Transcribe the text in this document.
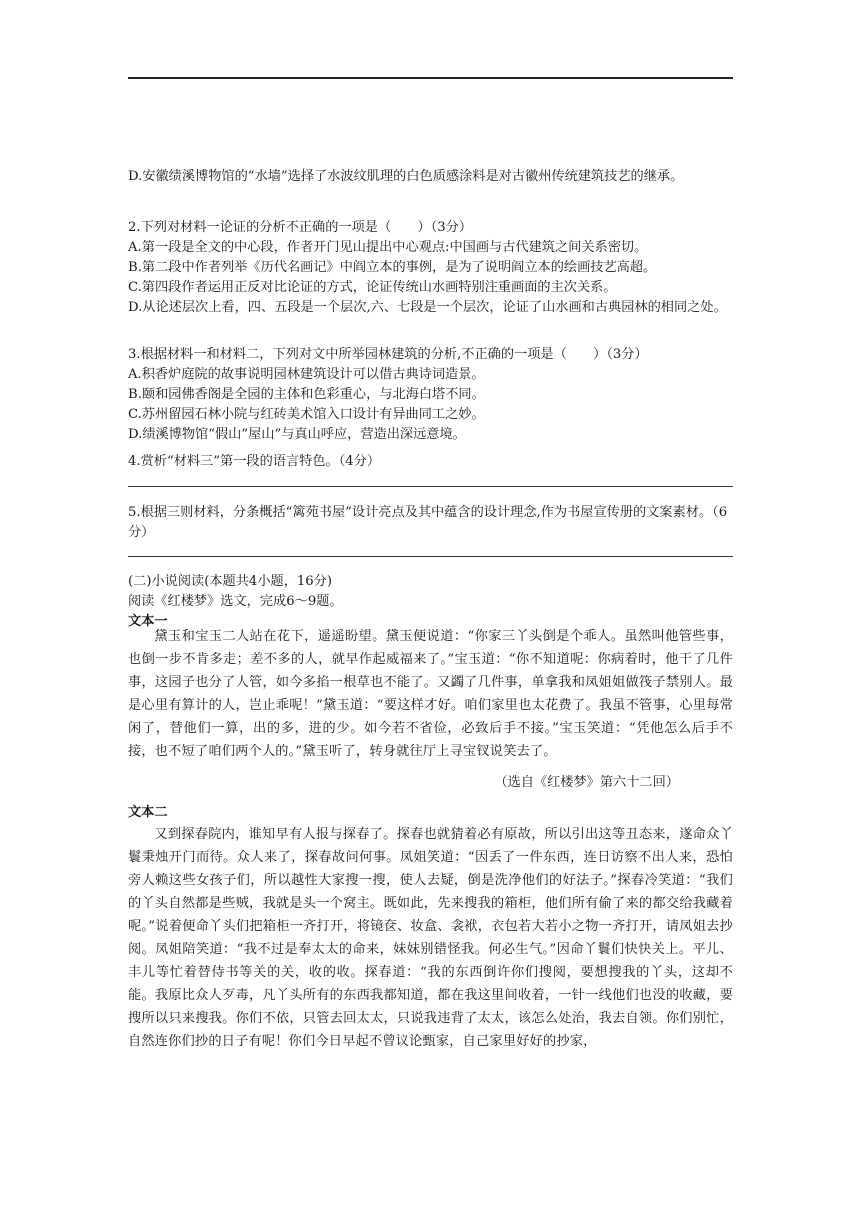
D.安徽绩溪博物馆的“水墙”选择了水波纹肌理的白色质感涂料是对古徽州传统建筑技艺的继承。

2.下列对材料一论证的分析不正确的一项是（　　）（3分）

A.第一段是全文的中心段，作者开门见山提出中心观点:中国画与古代建筑之间关系密切。

B.第二段中作者列举《历代名画记》中阎立本的事例，是为了说明阎立本的绘画技艺高超。

C.第四段作者运用正反对比论证的方式，论证传统山水画特别注重画面的主次关系。

D.从论述层次上看，四、五段是一个层次,六、七段是一个层次，论证了山水画和古典园林的相同之处。

3.根据材料一和材料二，下列对文中所举园林建筑的分析,不正确的一项是（　　）（3分）

A.积香炉庭院的故事说明园林建筑设计可以借古典诗词造景。

B.颐和园佛香阁是全园的主体和色彩重心，与北海白塔不同。

C.苏州留园石林小院与红砖美术馆入口设计有异曲同工之妙。

D.绩溪博物馆“假山”屋山”与真山呼应，营造出深远意境。

4.赏析“材料三”第一段的语言特色。（4分）

5.根据三则材料，分条概括“篱苑书屋”设计亮点及其中蕴含的设计理念,作为书屋宣传册的文案素材。（6分）

(二)小说阅读(本题共4小题，16分)

阅读《红楼梦》选文，完成6～9题。

文本一

黛玉和宝玉二人站在花下，遥遥盼望。黛玉便说道：“你家三丫头倒是个乖人。虽然叫他管些事，也倒一步不肯多走；差不多的人，就早作起威福来了。”宝玉道：“你不知道呢：你病着时，他干了几件事，这园子也分了人管，如今多掐一根草也不能了。又蠲了几件事，单拿我和凤姐姐做筏子禁别人。最是心里有算计的人，岂止乖呢！”黛玉道：“要这样才好。咱们家里也太花费了。我虽不管事，心里每常闲了，替他们一算，出的多，进的少。如今若不省俭，必致后手不接。”宝玉笑道：“凭他怎么后手不接，也不短了咱们两个人的。”黛玉听了，转身就往厅上寻宝钗说笑去了。

（选自《红楼梦》第六十二回）

文本二

又到探春院内，谁知早有人报与探春了。探春也就猜着必有原故，所以引出这等丑态来，遂命众丫鬟秉烛开门而待。众人来了，探春故问何事。凤姐笑道：“因丢了一件东西，连日访察不出人来，恐怕旁人赖这些女孩子们，所以越性大家搜一搜，使人去疑，倒是洗净他们的好法子。”探春冷笑道：“我们的丫头自然都是些贼，我就是头一个窝主。既如此，先来搜我的箱柜，他们所有偷了来的都交给我藏着呢。”说着便命丫头们把箱柜一齐打开，将镜奁、妆盒、衾袱，衣包若大若小之物一齐打开，请凤姐去抄阅。凤姐陪笑道：“我不过是奉太太的命来，妹妹别错怪我。何必生气。”因命丫鬟们快快关上。平儿、丰儿等忙着替侍书等关的关，收的收。探春道：“我的东西倒许你们搜阅，要想搜我的丫头，这却不能。我原比众人歹毒，凡丫头所有的东西我都知道，都在我这里间收着，一针一线他们也没的收藏，要搜所以只来搜我。你们不依，只管去回太太，只说我违背了太太，该怎么处治，我去自领。你们别忙，自然连你们抄的日子有呢！你们今日早起不曾议论甄家，自己家里好好的抄家，
